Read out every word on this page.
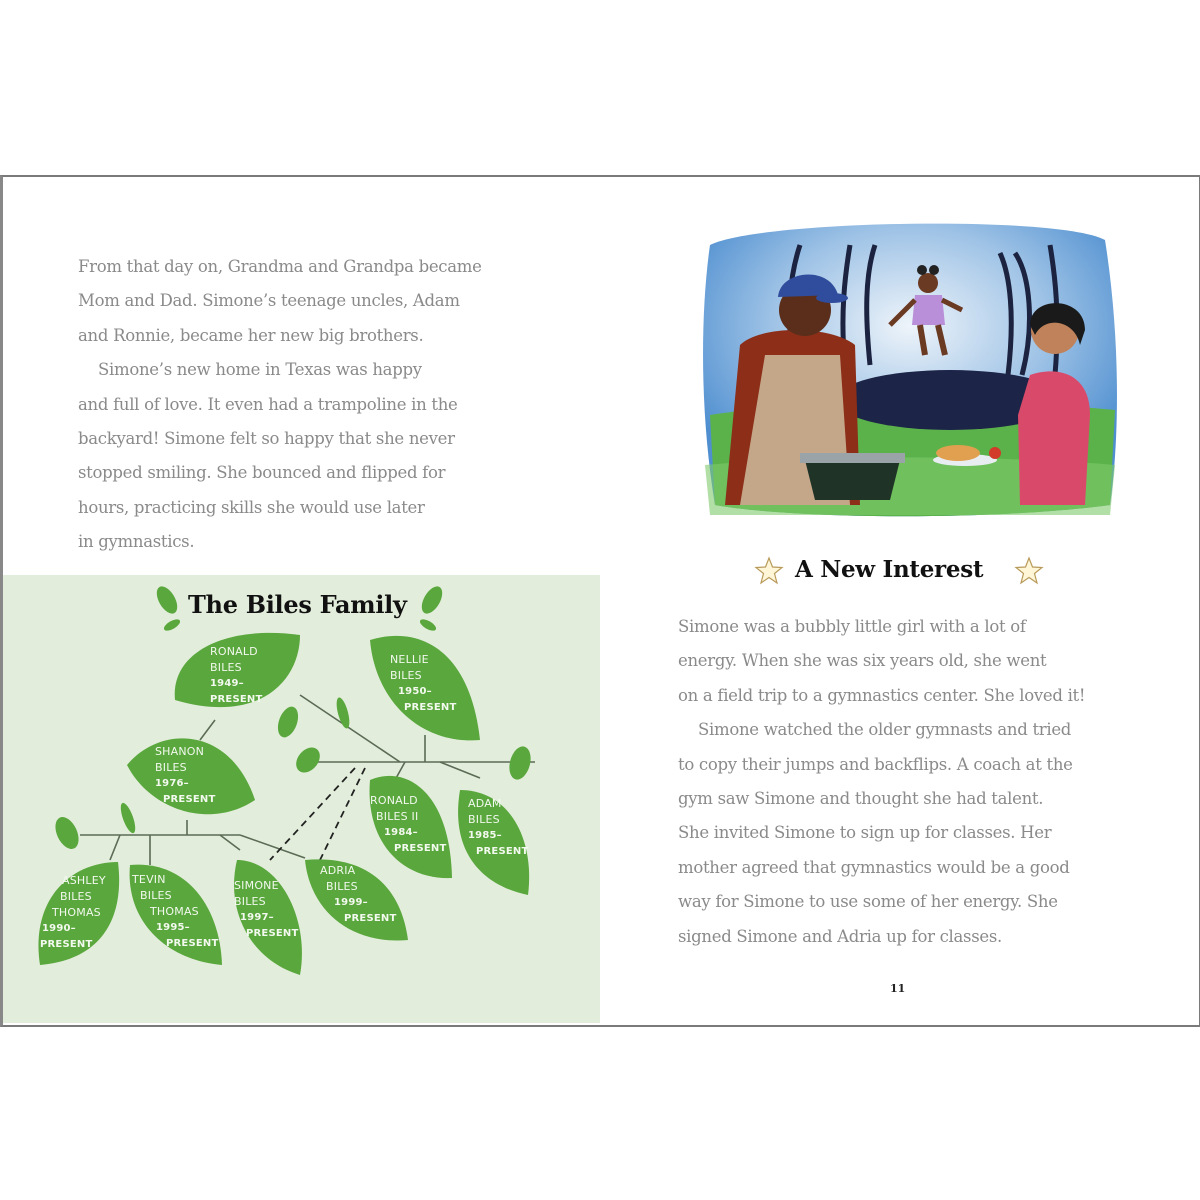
From that day on, Grandma and Grandpa became
Mom and Dad. Simone’s teenage uncles, Adam
and Ronnie, became her new big brothers.

Simone’s new home in Texas was happy
and full of love. It even had a trampoline in the
backyard! Simone felt so happy that she never
stopped smiling. She bounced and flipped for
hours, practicing skills she would use later
in gymnastics.

The Biles Family
RONALD
BILES
1949–
PRESENT
NELLIE
BILES
1950–
PRESENT
SHANON
BILES
1976–
PRESENT	RONALD
BILES II
1984–
PRESENT
ADAM
BILES
1985–
PRESENT
ASHLEY
BILES
THOMAS
1990–
PRESENT
TEVIN
BILES
THOMAS
1995–
PRESENT
SIMONE
BILES
1997–
PRESENT
ADRIA
BILES
1999–
PRESENT
A New Interest

Simone was a bubbly little girl with a lot of
energy. When she was six years old, she went
on a field trip to a gymnastics center. She loved it!

Simone watched the older gymnasts and tried
to copy their jumps and backflips. A coach at the
gym saw Simone and thought she had talent.
She invited Simone to sign up for classes. Her
mother agreed that gymnastics would be a good
way for Simone to use some of her energy. She
signed Simone and Adria up for classes.

11
